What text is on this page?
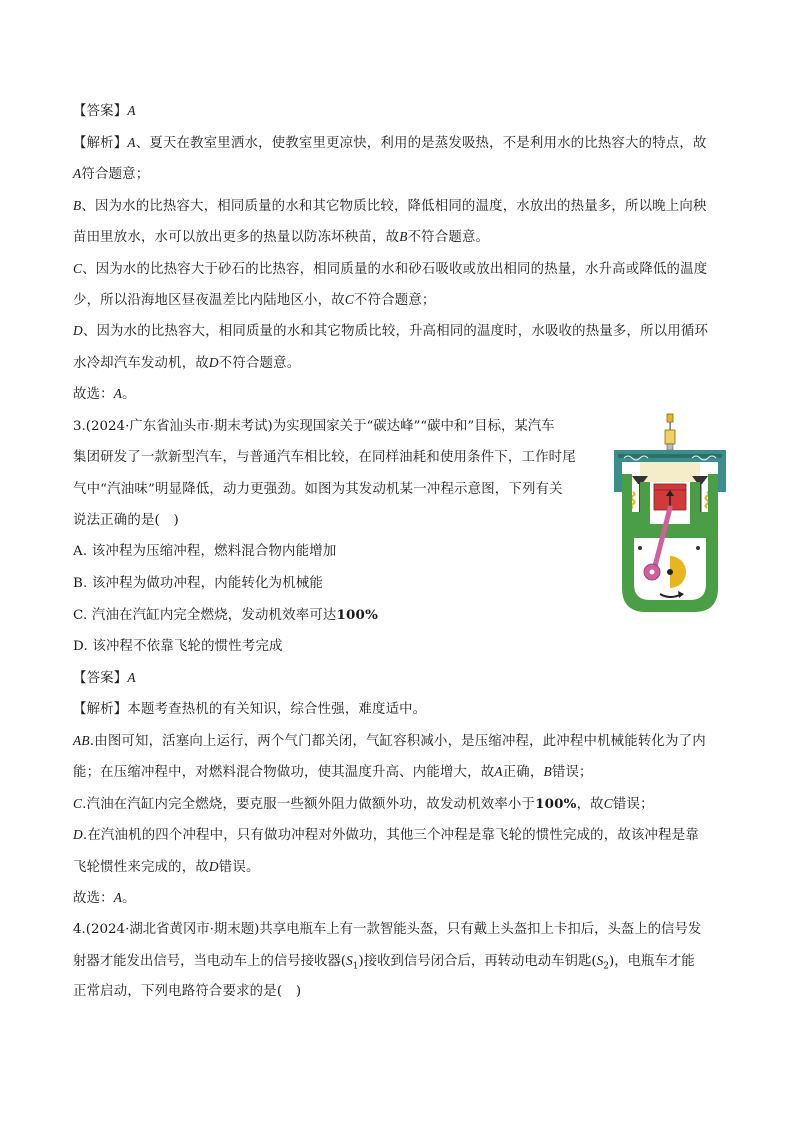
【答案】A
【解析】A、夏天在教室里洒水，使教室里更凉快，利用的是蒸发吸热，不是利用水的比热容大的特点，故
A符合题意；
B、因为水的比热容大，相同质量的水和其它物质比较，降低相同的温度，水放出的热量多，所以晚上向秧
苗田里放水，水可以放出更多的热量以防冻坏秧苗，故B不符合题意。
C、因为水的比热容大于砂石的比热容，相同质量的水和砂石吸收或放出相同的热量，水升高或降低的温度
少，所以沿海地区昼夜温差比内陆地区小，故C不符合题意；
D、因为水的比热容大，相同质量的水和其它物质比较，升高相同的温度时，水吸收的热量多，所以用循环
水冷却汽车发动机，故D不符合题意。
故选：A。
3.(2024·广东省汕头市·期末考试)为实现国家关于“碳达峰”“碳中和”目标，某汽车
集团研发了一款新型汽车，与普通汽车相比较，在同样油耗和使用条件下，工作时尾
气中“汽油味”明显降低，动力更强劲。如图为其发动机某一冲程示意图，下列有关
说法正确的是(　)
A. 该冲程为压缩冲程，燃料混合物内能增加
B. 该冲程为做功冲程，内能转化为机械能
C. 汽油在汽缸内完全燃烧，发动机效率可达100%
D. 该冲程不依靠飞轮的惯性考完成
【答案】A
【解析】本题考查热机的有关知识，综合性强，难度适中。
AB.由图可知，活塞向上运行，两个气门都关闭，气缸容积减小，是压缩冲程，此冲程中机械能转化为了内
能；在压缩冲程中，对燃料混合物做功，使其温度升高、内能增大，故A正确，B错误；
C.汽油在汽缸内完全燃烧，要克服一些额外阻力做额外功，故发动机效率小于100%，故C错误；
D.在汽油机的四个冲程中，只有做功冲程对外做功，其他三个冲程是靠飞轮的惯性完成的，故该冲程是靠
飞轮惯性来完成的，故D错误。
故选：A。
4.(2024·湖北省黄冈市·期末题)共享电瓶车上有一款智能头盔，只有戴上头盔扣上卡扣后，头盔上的信号发
射器才能发出信号，当电动车上的信号接收器$(S_1)$接收到信号闭合后，再转动电动车钥匙$(S_2)$，电瓶车才能
正常启动，下列电路符合要求的是(　)
